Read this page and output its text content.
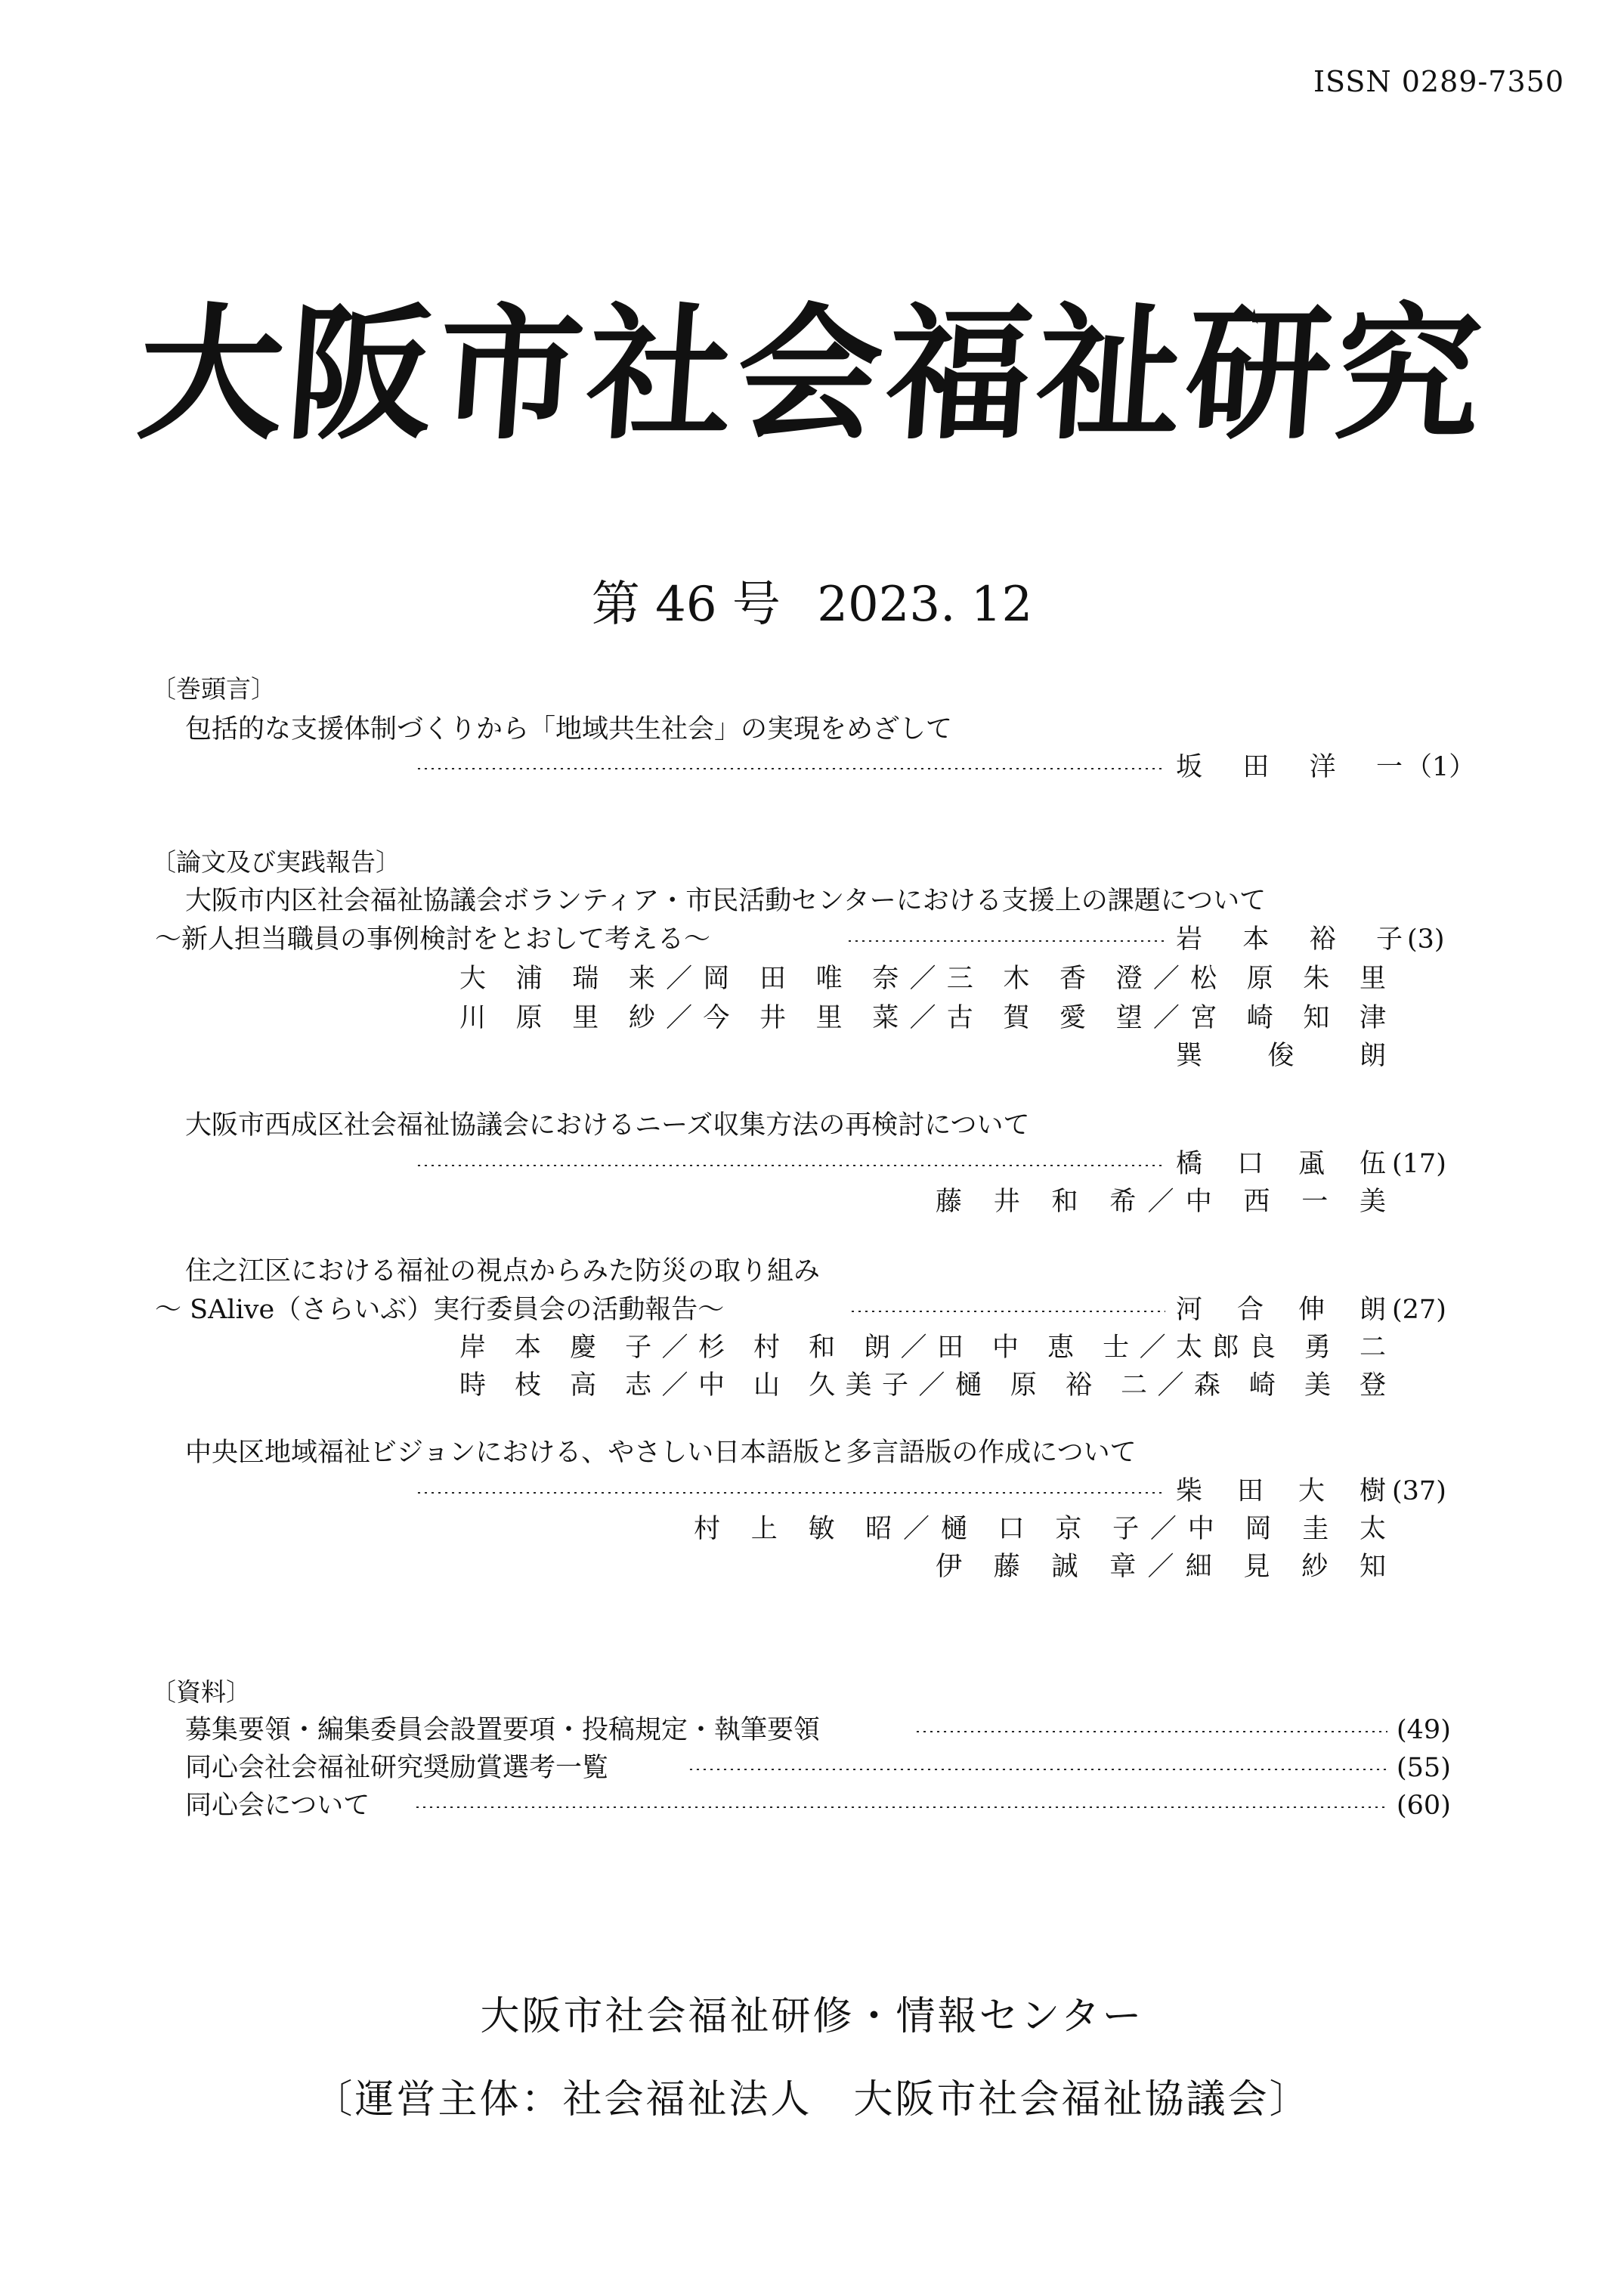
ISSN 0289-7350
大阪市社会福祉研究
第 46 号 2023. 12
〔巻頭言〕
包括的な支援体制づくりから「地域共生社会」の実現をめざして
坂 田 洋 一 （1）
〔論文及び実践報告〕
大阪市内区社会福祉協議会ボランティア・市民活動センターにおける支援上の課題について
～新人担当職員の事例検討をとおして考える～	岩 本 裕 子 (3)
大 浦 瑞 来／岡 田 唯 奈／三 木 香 澄／松 原 朱 里
川 原 里 紗／今 井 里 菜／古 賀 愛 望／宮 崎 知 津
巽 俊 朗
大阪市西成区社会福祉協議会におけるニーズ収集方法の再検討について
橋 口 颪 伍 (17)
藤 井 和 希／中 西 一 美
住之江区における福祉の視点からみた防災の取り組み
～ SAlive（さらいぶ）実行委員会の活動報告～	河 合 伸 朗 (27)
岸 本 慶 子／杉 村 和 朗／田 中 恵 士／太郎良 勇 二
時 枝 高 志／中 山 久美子／樋 原 裕 二／森 崎 美 登
中央区地域福祉ビジョンにおける、やさしい日本語版と多言語版の作成について
柴 田 大 樹 (37)
村 上 敏 昭／樋 口 京 子／中 岡 圭 太
伊 藤 誠 章／細 見 紗 知
〔資料〕
募集要領・編集委員会設置要項・投稿規定・執筆要領	(49)
同心会社会福祉研究奨励賞選考一覧	(55)
同心会について	(60)
大阪市社会福祉研修・情報センター
〔運営主体：社会福祉法人　大阪市社会福祉協議会〕
